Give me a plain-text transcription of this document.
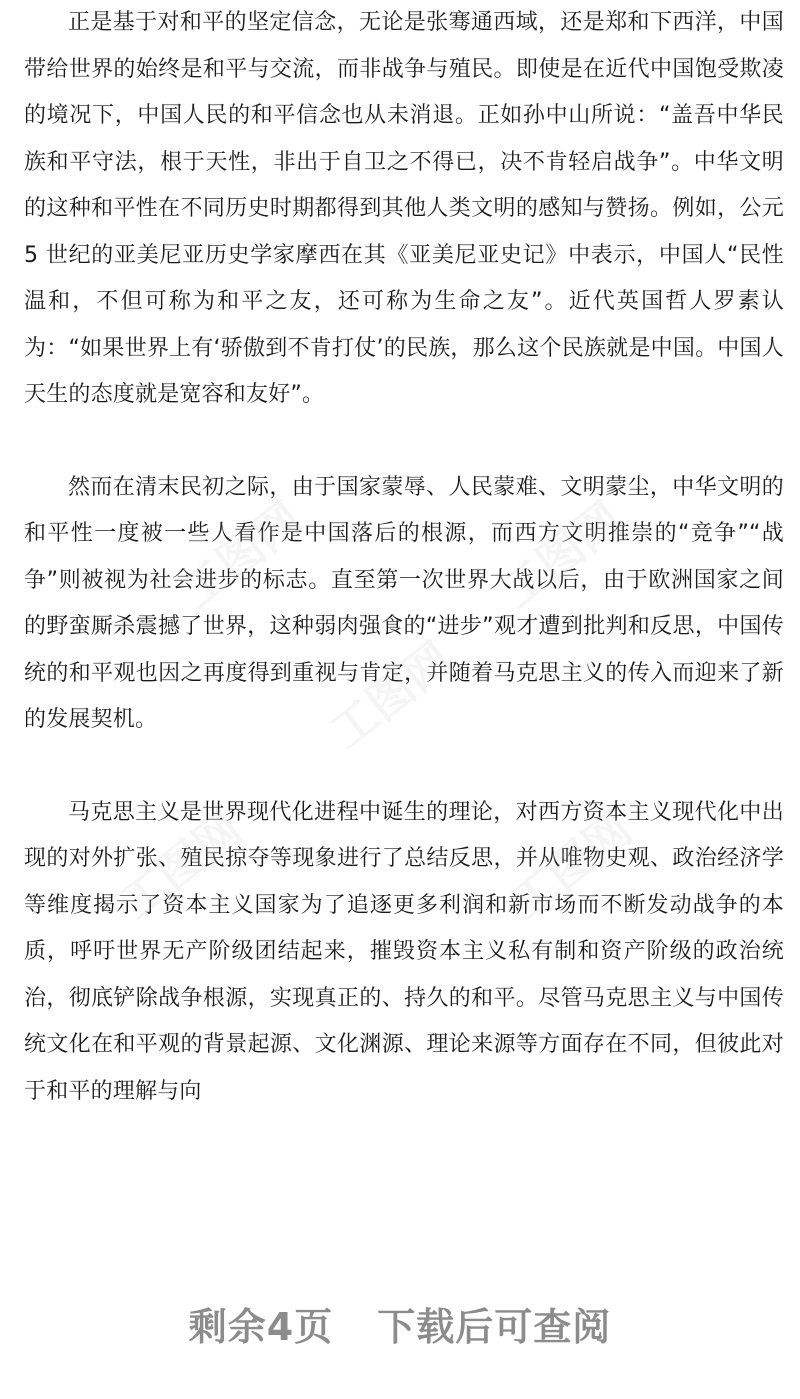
正是基于对和平的坚定信念，无论是张骞通西域，还是郑和下西洋，中国带给世界的始终是和平与交流，而非战争与殖民。即使是在近代中国饱受欺凌的境况下，中国人民的和平信念也从未消退。正如孙中山所说：“盖吾中华民族和平守法，根于天性，非出于自卫之不得已，决不肯轻启战争”。中华文明的这种和平性在不同历史时期都得到其他人类文明的感知与赞扬。例如，公元 5 世纪的亚美尼亚历史学家摩西在其《亚美尼亚史记》中表示，中国人“民性温和，不但可称为和平之友，还可称为生命之友”。近代英国哲人罗素认为：“如果世界上有‘骄傲到不肯打仗’的民族，那么这个民族就是中国。中国人天生的态度就是宽容和友好”。

然而在清末民初之际，由于国家蒙辱、人民蒙难、文明蒙尘，中华文明的和平性一度被一些人看作是中国落后的根源，而西方文明推崇的“竞争”“战争”则被视为社会进步的标志。直至第一次世界大战以后，由于欧洲国家之间的野蛮厮杀震撼了世界，这种弱肉强食的“进步”观才遭到批判和反思，中国传统的和平观也因之再度得到重视与肯定，并随着马克思主义的传入而迎来了新的发展契机。

马克思主义是世界现代化进程中诞生的理论，对西方资本主义现代化中出现的对外扩张、殖民掠夺等现象进行了总结反思，并从唯物史观、政治经济学等维度揭示了资本主义国家为了追逐更多利润和新市场而不断发动战争的本质，呼吁世界无产阶级团结起来，摧毁资本主义私有制和资产阶级的政治统治，彻底铲除战争根源，实现真正的、持久的和平。尽管马克思主义与中国传统文化在和平观的背景起源、文化渊源、理论来源等方面存在不同，但彼此对于和平的理解与向

工图网	工图网
工图网
工图网	工图网
剩余4页 下载后可查阅
